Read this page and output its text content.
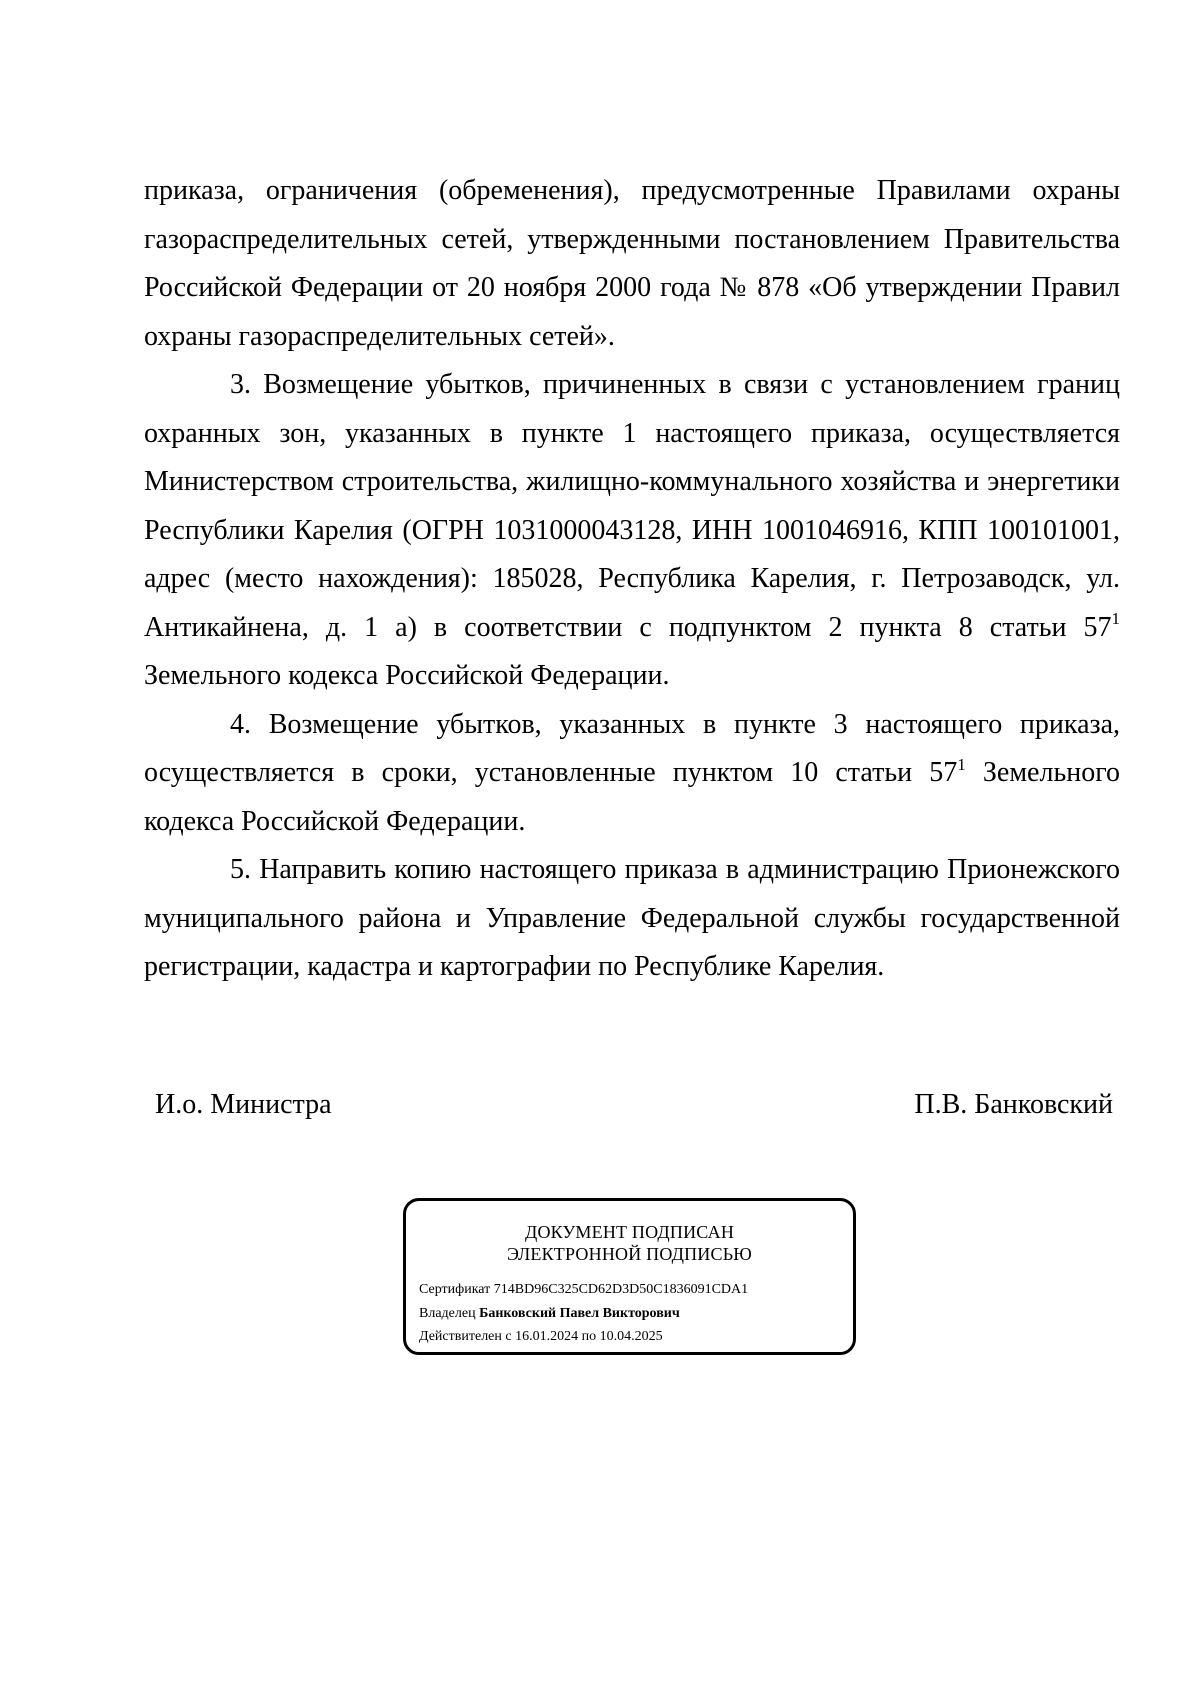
приказа, ограничения (обременения), предусмотренные Правилами охраны газораспределительных сетей, утвержденными постановлением Правительства Российской Федерации от 20 ноября 2000 года № 878 «Об утверждении Правил охраны газораспределительных сетей».

3. Возмещение убытков, причиненных в связи с установлением границ охранных зон, указанных в пункте 1 настоящего приказа, осуществляется Министерством строительства, жилищно-коммунального хозяйства и энергетики Республики Карелия (ОГРН 1031000043128, ИНН 1001046916, КПП 100101001, адрес (место нахождения): 185028, Республика Карелия, г. Петрозаводск, ул. Антикайнена, д. 1 а) в соответствии с подпунктом 2 пункта 8 статьи $57^1$ Земельного кодекса Российской Федерации.

4. Возмещение убытков, указанных в пункте 3 настоящего приказа, осуществляется в сроки, установленные пунктом 10 статьи $57^1$ Земельного кодекса Российской Федерации.

5. Направить копию настоящего приказа в администрацию Прионежского муниципального района и Управление Федеральной службы государственной регистрации, кадастра и картографии по Республике Карелия.

И.о. Министра	П.В. Банковский
ДОКУМЕНТ ПОДПИСАН
ЭЛЕКТРОННОЙ ПОДПИСЬЮ
Сертификат 714BD96C325CD62D3D50C1836091CDA1
Владелец Банковский Павел Викторович
Действителен с 16.01.2024 по 10.04.2025
